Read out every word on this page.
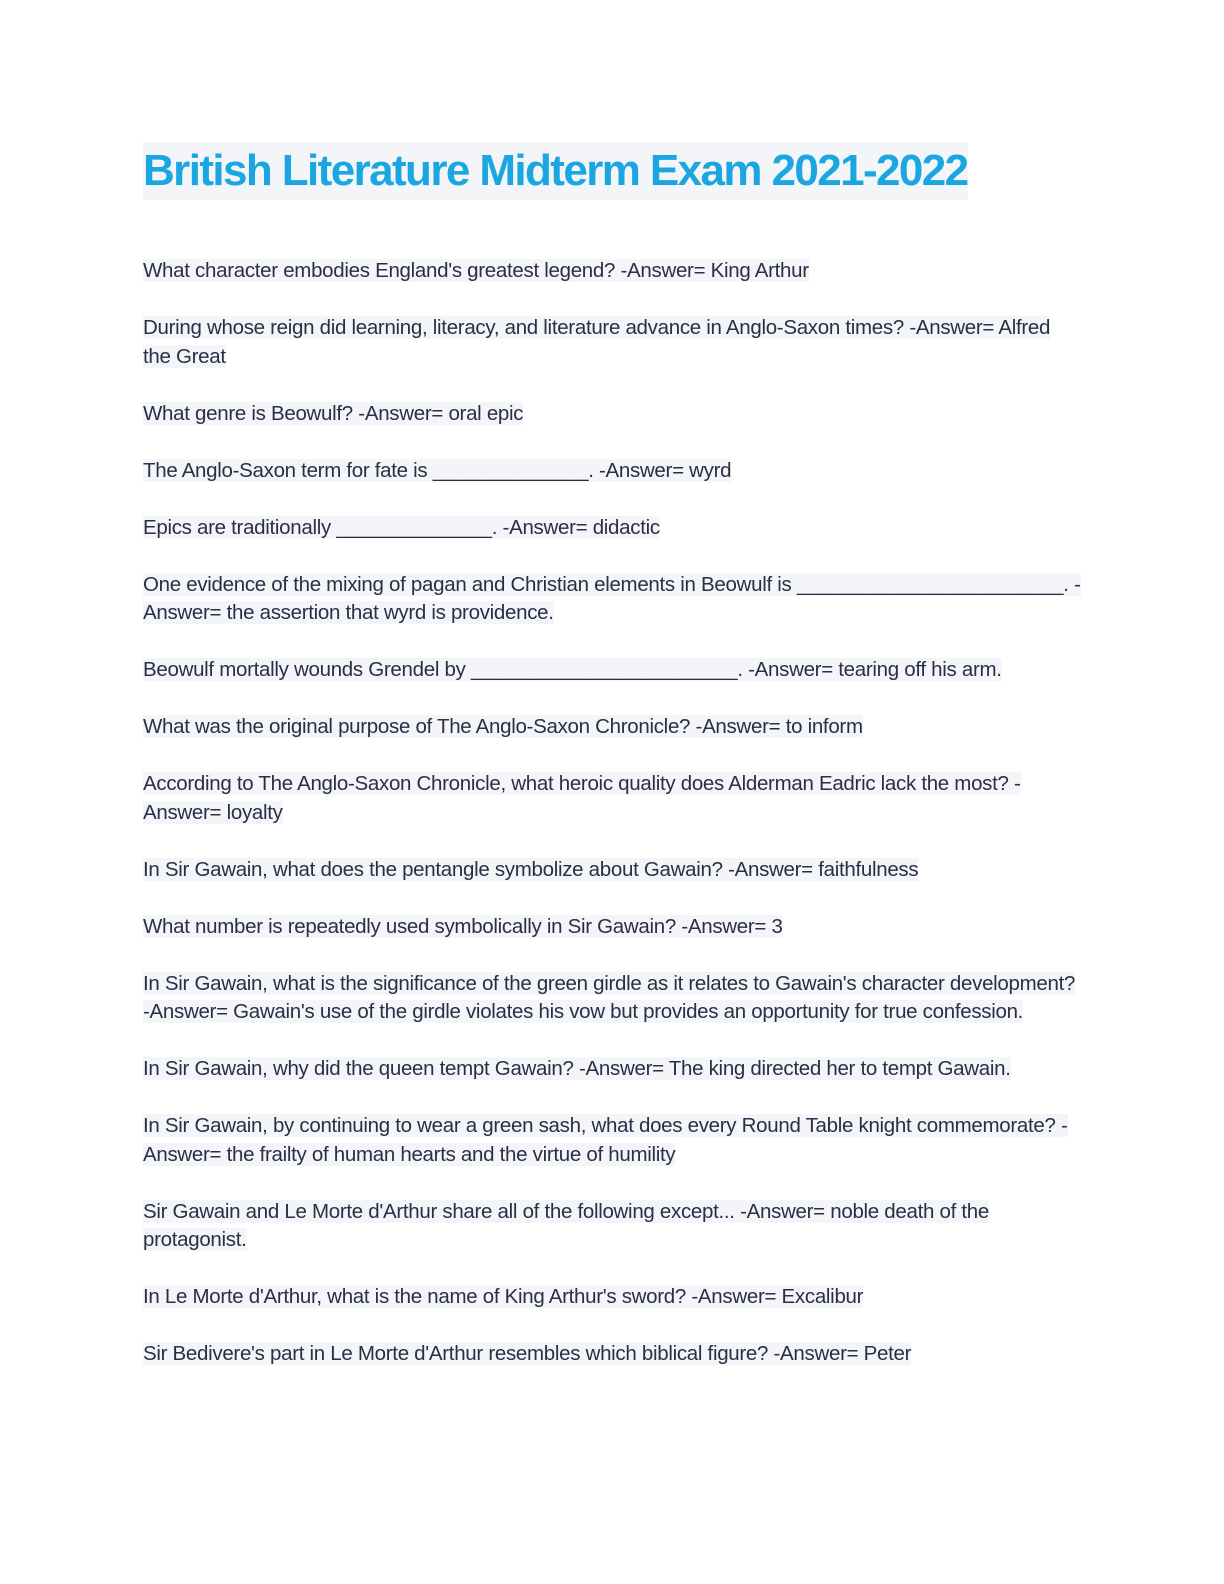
British Literature Midterm Exam 2021-2022

What character embodies England's greatest legend? -Answer= King Arthur

During whose reign did learning, literacy, and literature advance in Anglo-Saxon times? -Answer= Alfred the Great

What genre is Beowulf? -Answer= oral epic

The Anglo-Saxon term for fate is ______________. -Answer= wyrd

Epics are traditionally ______________. -Answer= didactic

One evidence of the mixing of pagan and Christian elements in Beowulf is ________________________. -Answer= the assertion that wyrd is providence.

Beowulf mortally wounds Grendel by ________________________. -Answer= tearing off his arm.

What was the original purpose of The Anglo-Saxon Chronicle? -Answer= to inform

According to The Anglo-Saxon Chronicle, what heroic quality does Alderman Eadric lack the most? -Answer= loyalty

In Sir Gawain, what does the pentangle symbolize about Gawain? -Answer= faithfulness

What number is repeatedly used symbolically in Sir Gawain? -Answer= 3

In Sir Gawain, what is the significance of the green girdle as it relates to Gawain's character development? -Answer= Gawain's use of the girdle violates his vow but provides an opportunity for true confession.

In Sir Gawain, why did the queen tempt Gawain? -Answer= The king directed her to tempt Gawain.

In Sir Gawain, by continuing to wear a green sash, what does every Round Table knight commemorate? -Answer= the frailty of human hearts and the virtue of humility

Sir Gawain and Le Morte d'Arthur share all of the following except... -Answer= noble death of the protagonist.

In Le Morte d'Arthur, what is the name of King Arthur's sword? -Answer= Excalibur

Sir Bedivere's part in Le Morte d'Arthur resembles which biblical figure? -Answer= Peter
